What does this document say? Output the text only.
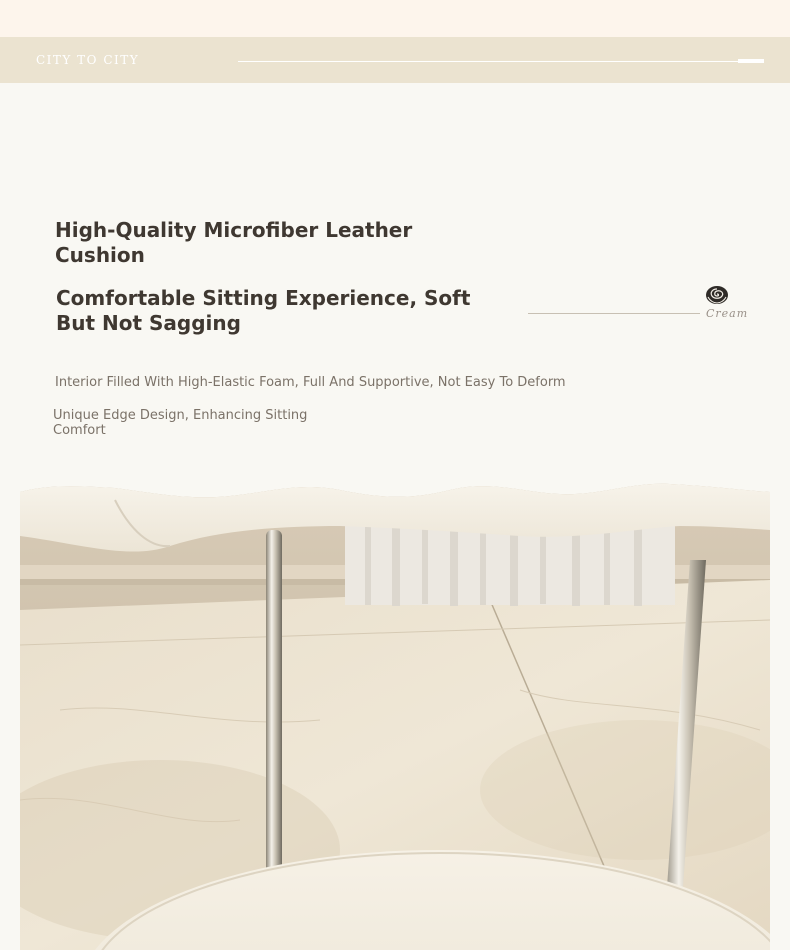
CITY TO CITY
High-Quality Microfiber Leather Cushion
Comfortable Sitting Experience, Soft But Not Sagging
Interior Filled With High-Elastic Foam, Full And Supportive, Not Easy To Deform
Unique Edge Design, Enhancing Sitting Comfort
Cream
